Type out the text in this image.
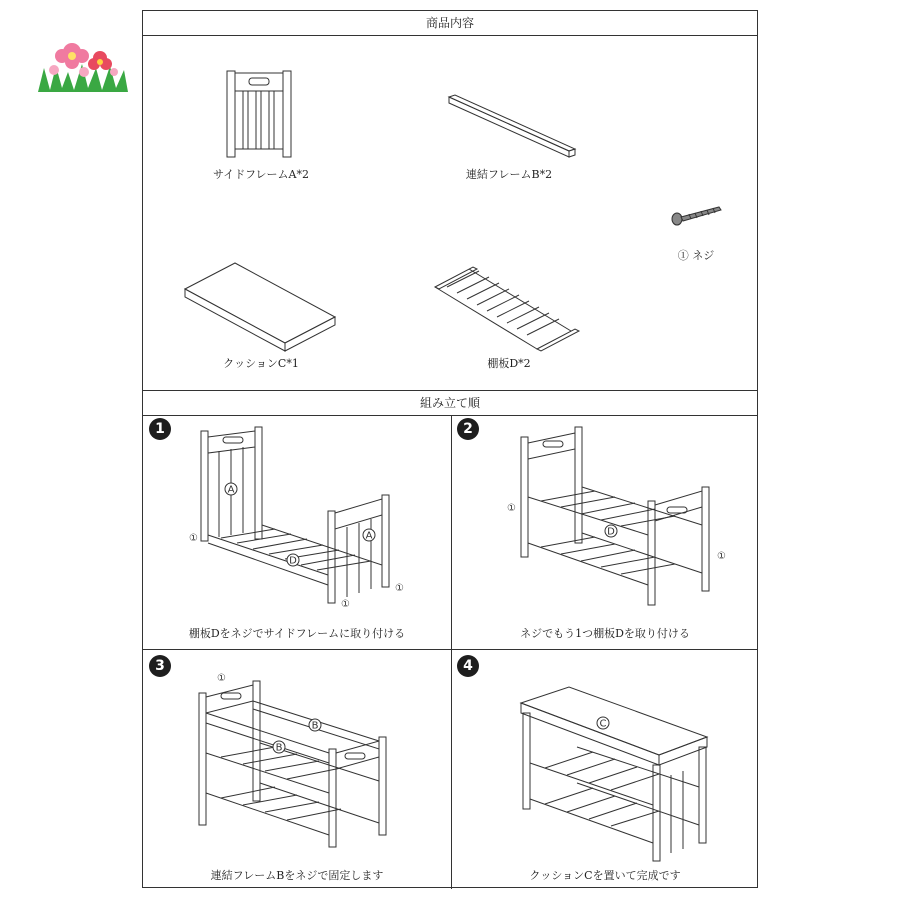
商品内容
サイドフレームA*2	連結フレームB*2
① ネジ
クッションC*1	棚板D*2
組み立て順
1
A
A
D
①
①
①
棚板Dをネジでサイドフレームに取り付ける
2
D
①
①
ネジでもう1つ棚板Dを取り付ける
3
B
B
①
連結フレームBをネジで固定します
4
C
クッションCを置いて完成です
